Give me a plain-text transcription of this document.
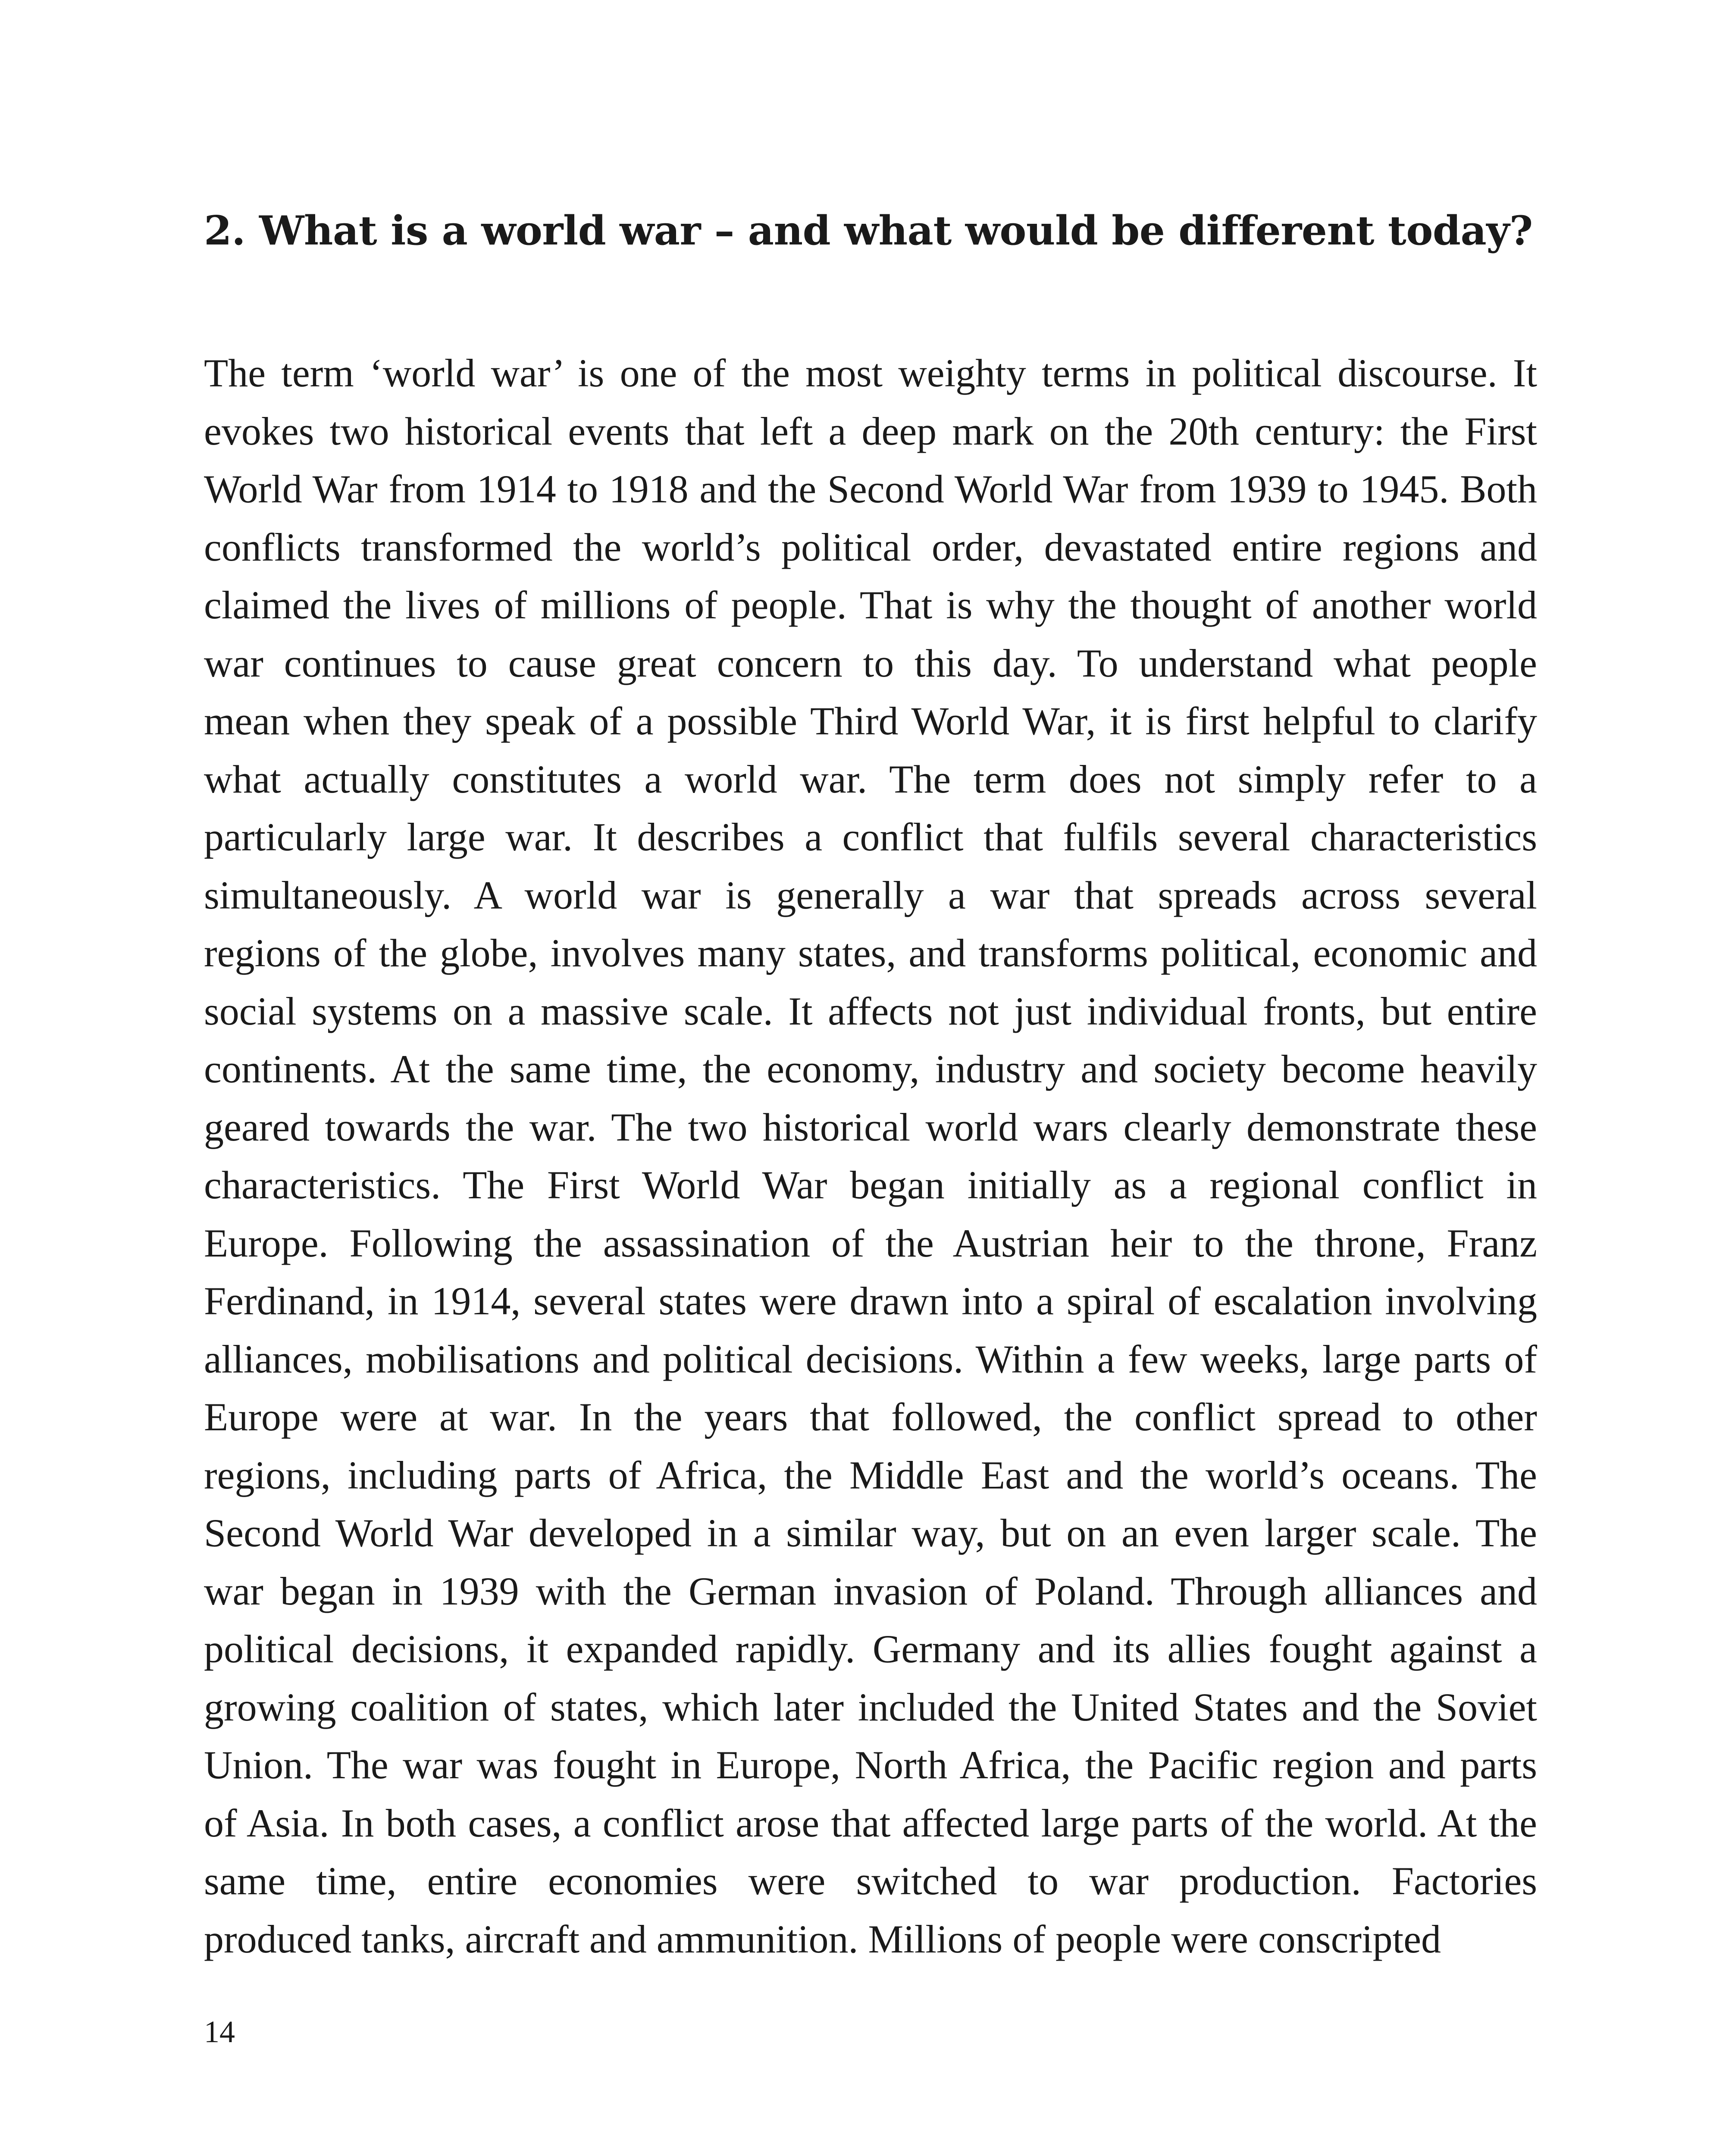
2. What is a world war – and what would be different today?
The term ‘world war’ is one of the most weighty terms in political discourse. It
evokes two historical events that left a deep mark on the 20th century: the First
World War from 1914 to 1918 and the Second World War from 1939 to 1945. Both
conflicts transformed the world’s political order, devastated entire regions and
claimed the lives of millions of people. That is why the thought of another world
war continues to cause great concern to this day. To understand what people
mean when they speak of a possible Third World War, it is first helpful to clarify
what actually constitutes a world war. The term does not simply refer to a
particularly large war. It describes a conflict that fulfils several characteristics
simultaneously. A world war is generally a war that spreads across several
regions of the globe, involves many states, and transforms political, economic and
social systems on a massive scale. It affects not just individual fronts, but entire
continents. At the same time, the economy, industry and society become heavily
geared towards the war. The two historical world wars clearly demonstrate these
characteristics. The First World War began initially as a regional conflict in
Europe. Following the assassination of the Austrian heir to the throne, Franz
Ferdinand, in 1914, several states were drawn into a spiral of escalation involving
alliances, mobilisations and political decisions. Within a few weeks, large parts of
Europe were at war. In the years that followed, the conflict spread to other
regions, including parts of Africa, the Middle East and the world’s oceans. The
Second World War developed in a similar way, but on an even larger scale. The
war began in 1939 with the German invasion of Poland. Through alliances and
political decisions, it expanded rapidly. Germany and its allies fought against a
growing coalition of states, which later included the United States and the Soviet
Union. The war was fought in Europe, North Africa, the Pacific region and parts
of Asia. In both cases, a conflict arose that affected large parts of the world. At the
same time, entire economies were switched to war production. Factories
produced tanks, aircraft and ammunition. Millions of people were conscripted
14
